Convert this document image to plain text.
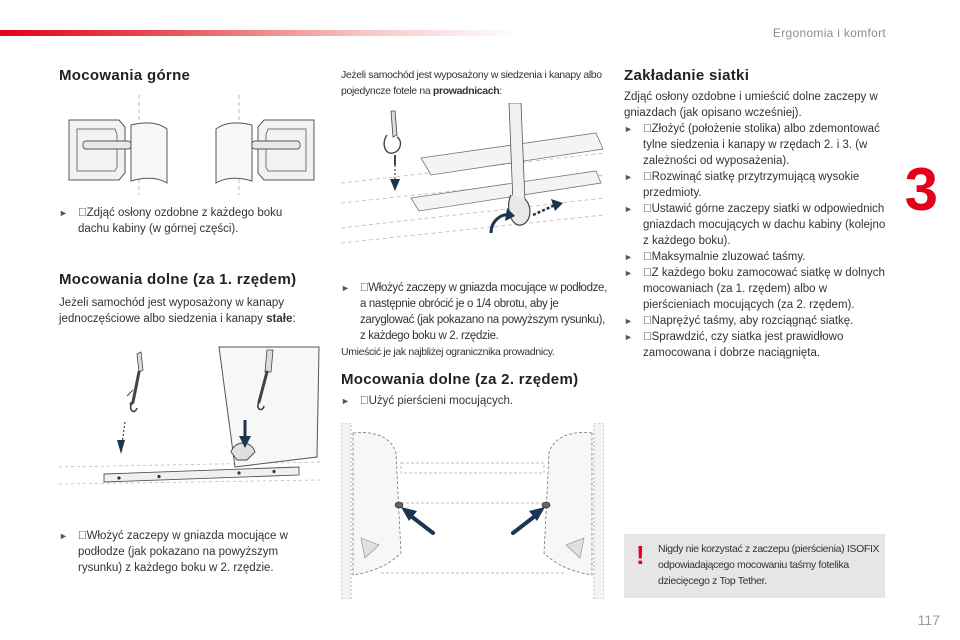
Ergonomia i komfort
3
117
Mocowania górne
► Zdjąć osłony ozdobne z każdego boku dachu kabiny (w górnej części).
Mocowania dolne (za 1. rzędem)

Jeżeli samochód jest wyposażony w kanapy jednoczęściowe albo siedzenia i kanapy stałe:

► Włożyć zaczepy w gniazda mocujące w podłodze (jak pokazano na powyższym rysunku) z każdego boku w 2. rzędzie.

Jeżeli samochód jest wyposażony w siedzenia i kanapy albo pojedyncze fotele na prowadnicach:

► Włożyć zaczepy w gniazda mocujące w podłodze, a następnie obrócić je o 1/4 obrotu, aby je zaryglować (jak pokazano na powyższym rysunku), z każdego boku w 2. rzędzie.

Umieścić je jak najbliżej ogranicznika prowadnicy.

Mocowania dolne (za 2. rzędem)
► Użyć pierścieni mocujących.
Zakładanie siatki

Zdjąć osłony ozdobne i umieścić dolne zaczepy w gniazdach (jak opisano wcześniej).

► Złożyć (położenie stolika) albo zdemontować tylne siedzenia i kanapy w rzędach 2. i 3. (w zależności od wyposażenia).
► Rozwinąć siatkę przytrzymującą wysokie przedmioty.
► Ustawić górne zaczepy siatki w odpowiednich gniazdach mocujących w dachu kabiny (kolejno z każdego boku).
► Maksymalnie zluzować taśmy.
► Z każdego boku zamocować siatkę w dolnych mocowaniach (za 1. rzędem) albo w pierścieniach mocujących (za 2. rzędem).
► Naprężyć taśmy, aby rozciągnąć siatkę.
► Sprawdzić, czy siatka jest prawidłowo zamocowana i dobrze naciągnięta.
! Nigdy nie korzystać z zaczepu (pierścienia) ISOFIX odpowiadającego mocowaniu taśmy fotelika dziecięcego z Top Tether.
